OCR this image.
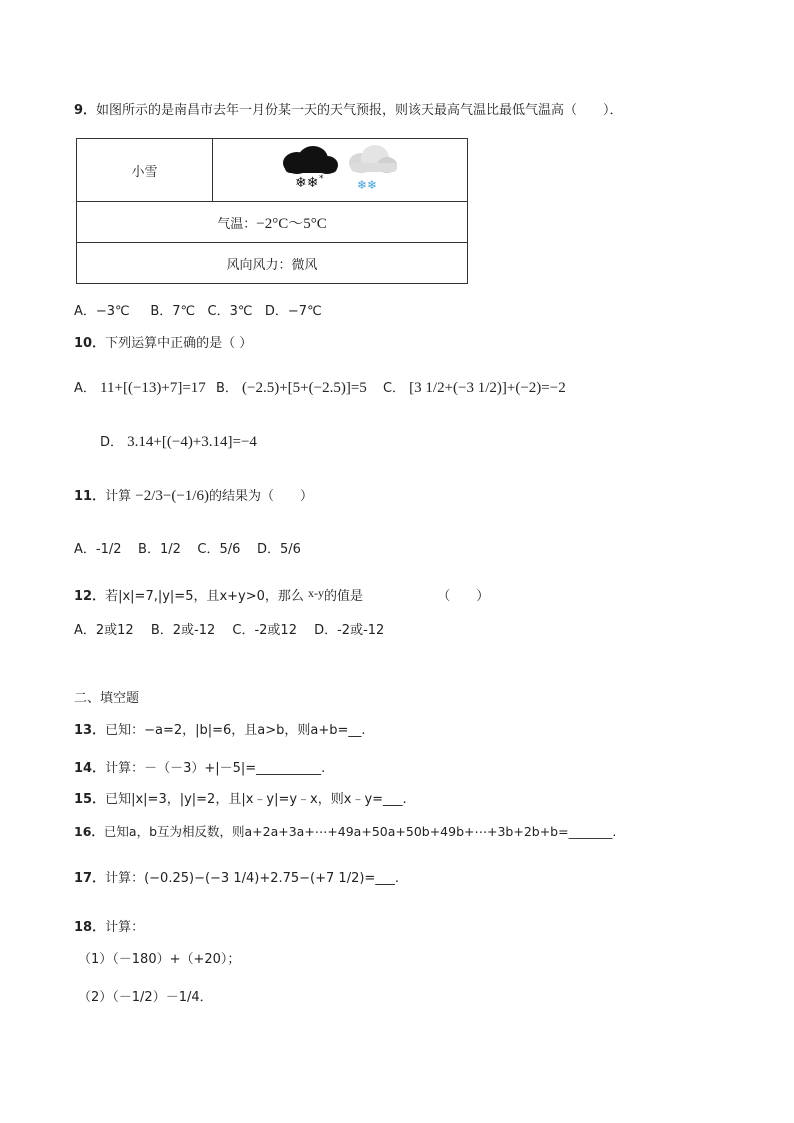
9．如图所示的是南昌市去年一月份某一天的天气预报，则该天最高气温比最低气温高（　　）．
小雪	
❄❄ *	❄❄

气温：−2°C～5°C
风向风力：微风
A．−3℃ B．7℃ C．3℃ D．−7℃
10．下列运算中正确的是（ ）
A． 11+[(−13)+7]=17 B． (−2.5)+[5+(−2.5)]=5 C． [3 1/2+(−3 1/2)]+(−2)=−2
D． 3.14+[(−4)+3.14]=−4
11．计算 −2/3−(−1/6)的结果为（　　）
A．-1/2 B．1/2 C．5/6 D．5/6
12．若|x|=7,|y|=5，且x+y>0，那么 x-y的值是	（　　）
A．2或12　 B．2或-12　 C．-2或12　 D．-2或-12
二、填空题
13．已知：−a=2，|b|=6，且a>b，则a+b=__.
14．计算：－（－3）+|－5|=__________.
15．已知|x|=3，|y|=2，且|x﹣y|=y﹣x，则x﹣y=___.
16．已知a，b互为相反数，则a+2a+3a+⋯+49a+50a+50b+49b+⋯+3b+2b+b=_______.
17．计算：(−0.25)−(−3 1/4)+2.75−(+7 1/2)=___.
18．计算：
（1）（－180）+（+20）；
（2）（－1/2）－1/4．
